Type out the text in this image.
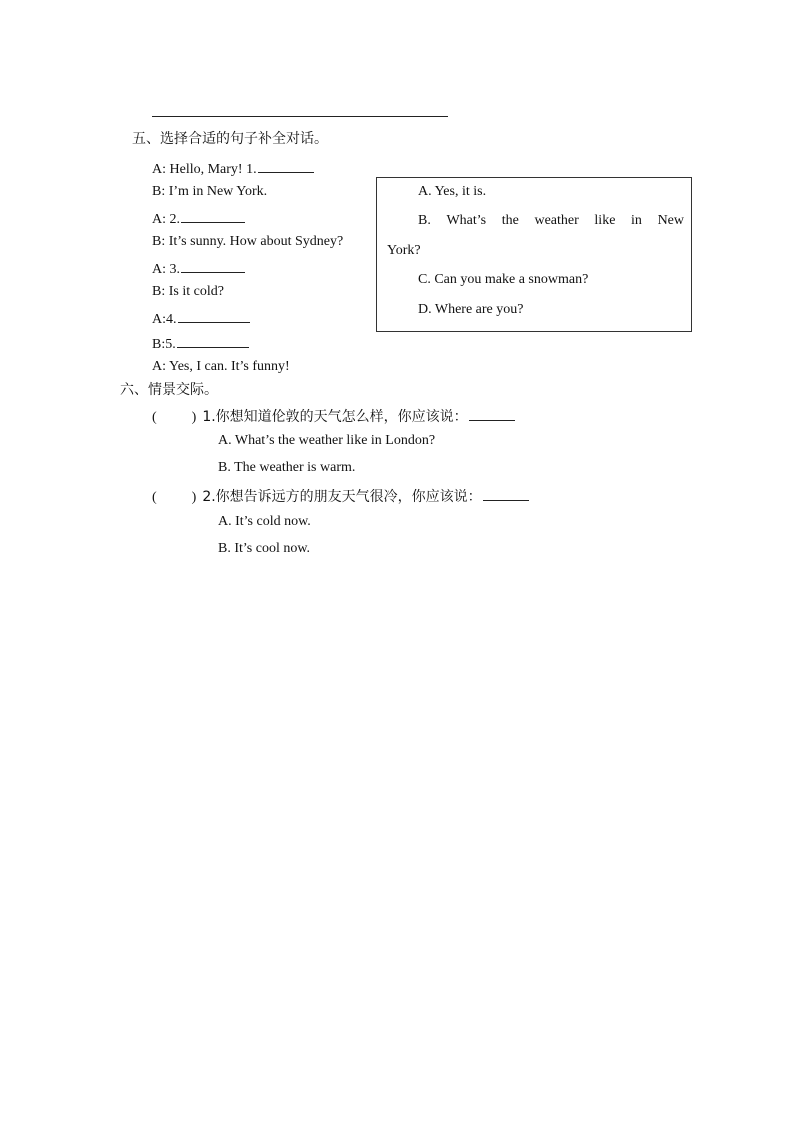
五、选择合适的句子补全对话。
A: Hello, Mary! 1.
B: I’m in New York.
A: 2.
B: It’s sunny. How about Sydney?
A: 3.
B: Is it cold?
A:4.
B:5.
A: Yes, I can. It’s funny!
A. Yes, it is.
B. What’s the weather like in New
York?
C. Can you make a snowman?
D. Where are you?
六、情景交际。
(          ) 1.你想知道伦敦的天气怎么样，你应该说：
A. What’s the weather like in London?
B. The weather is warm.
(          ) 2.你想告诉远方的朋友天气很冷，你应该说：
A. It’s cold now.
B. It’s cool now.
